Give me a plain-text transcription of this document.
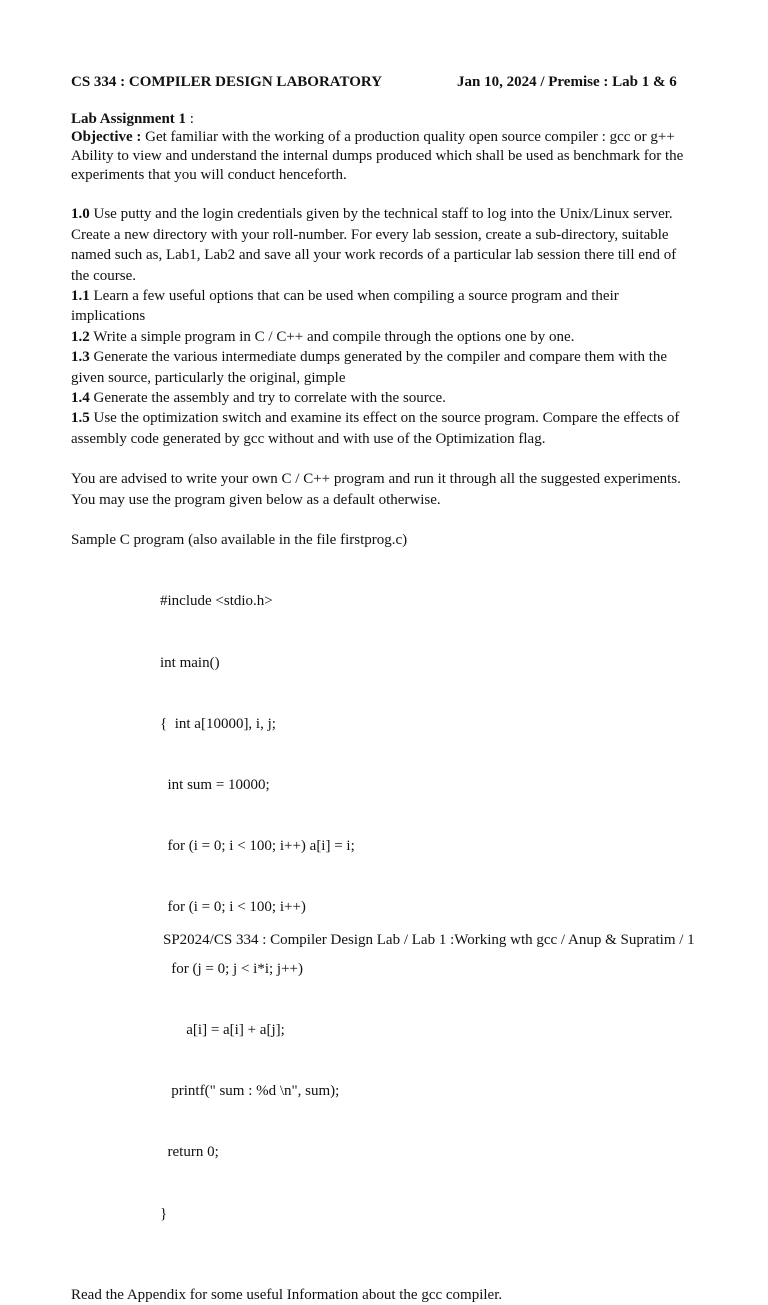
CS 334 : COMPILER DESIGN LABORATORY	Jan 10, 2024 / Premise : Lab 1 & 6
Lab Assignment 1 :
Objective : Get familiar with the working of a production quality open source compiler : gcc or g++
Ability to view and understand the internal dumps produced which shall be used as benchmark for the
experiments that you will conduct henceforth.
1.0 Use putty and the login credentials given by the technical staff to log into the Unix/Linux server.
Create a new directory with your roll-number. For every lab session, create a sub-directory, suitable
named such as, Lab1, Lab2 and save all your work records of a particular lab session there till end of
the course.
1.1 Learn a few useful options that can be used when compiling a source program and their
implications
1.2 Write a simple program in C / C++ and compile through the options one by one.
1.3 Generate the various intermediate dumps generated by the compiler and compare them with the
given source, particularly the original, gimple
1.4 Generate the assembly and try to correlate with the source.
1.5 Use the optimization switch and examine its effect on the source program. Compare the effects of
assembly code generated by gcc without and with use of the Optimization flag.
You are advised to write your own C / C++ program and run it through all the suggested experiments.
You may use the program given below as a default otherwise.
Sample C program (also available in the file firstprog.c)

#include <stdio.h>

int main()

{  int a[10000], i, j;

int sum = 10000;

for (i = 0; i < 100; i++) a[i] = i;

for (i = 0; i < 100; i++)

for (j = 0; j < i*i; j++)

a[i] = a[i] + a[j];

printf(" sum : %d \n", sum);

return 0;

}

Read the Appendix for some useful Information about the gcc compiler.
SP2024/CS 334 : Compiler Design Lab / Lab 1 :Working wth gcc / Anup & Supratim / 1
